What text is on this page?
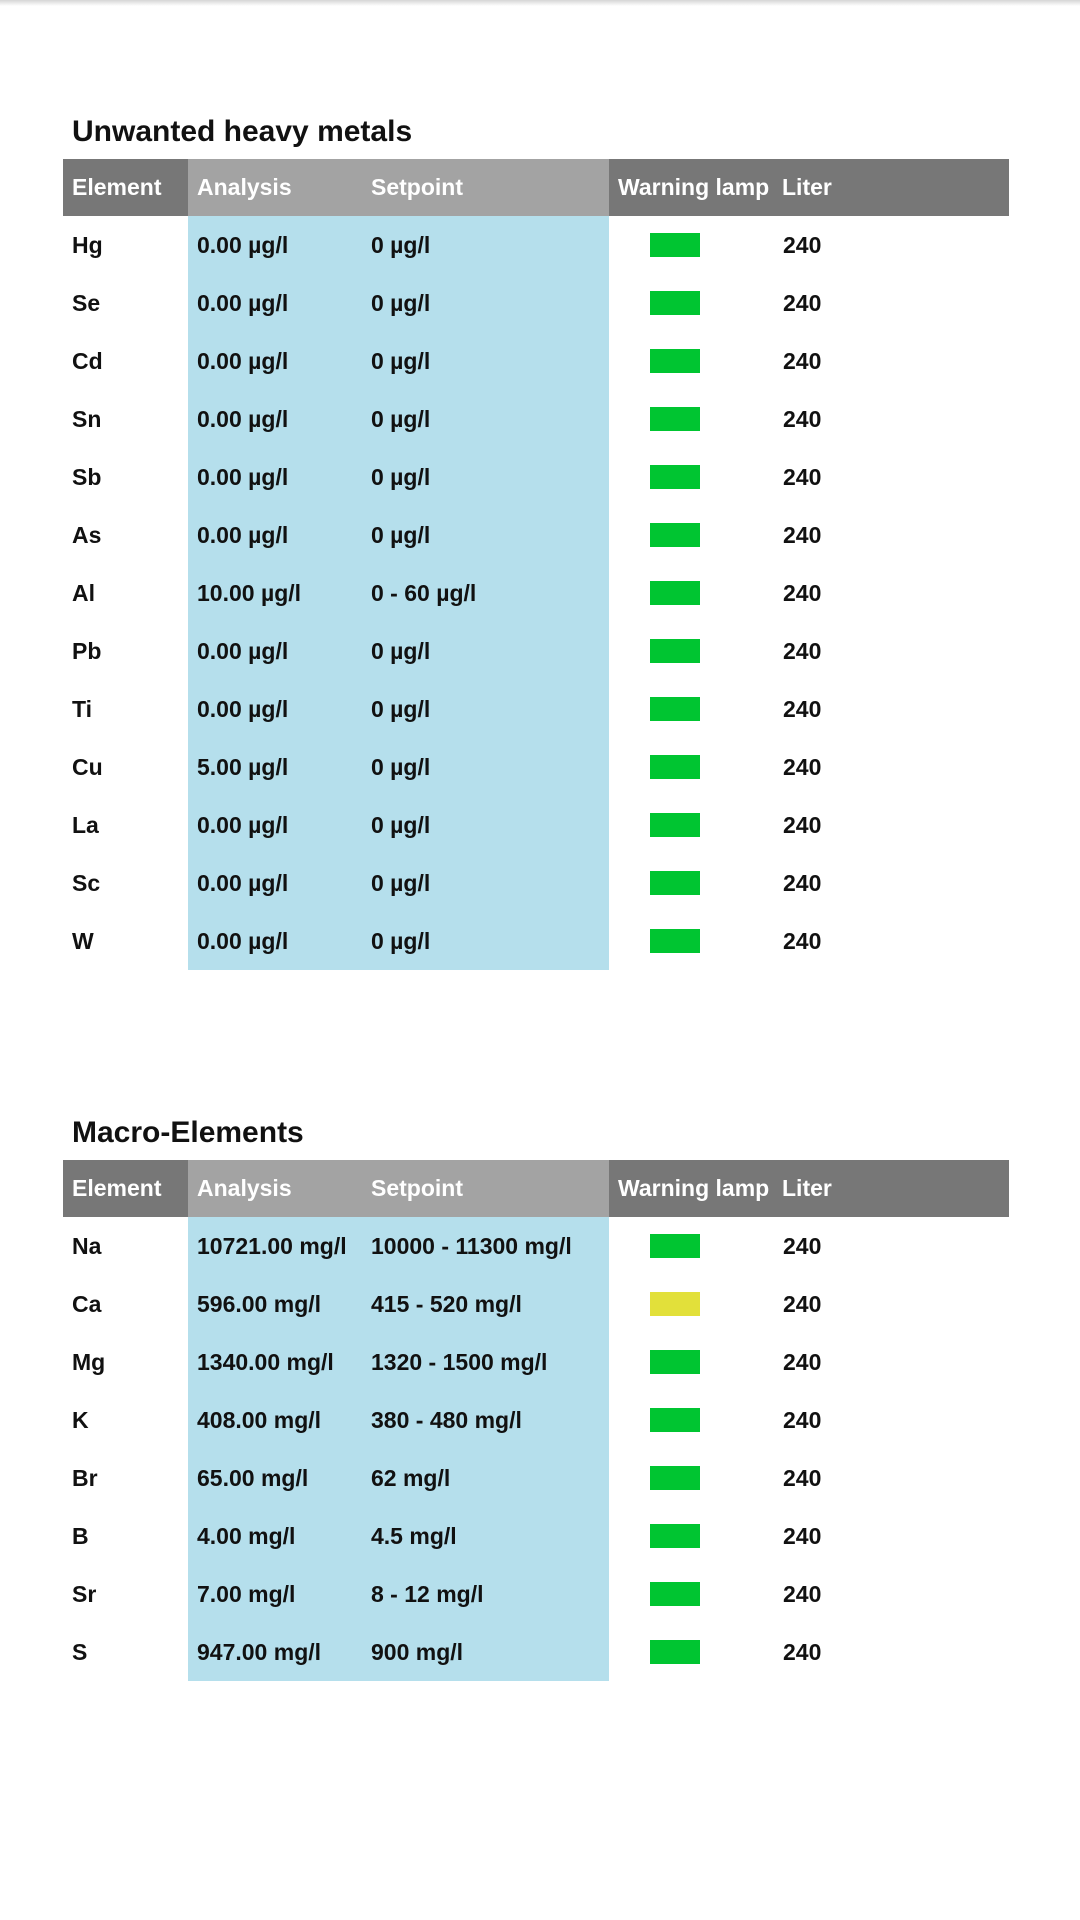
Unwanted heavy metals
Element	Analysis	Setpoint	Warning lamp Liter
Hg	0.00 µg/l	0 µg/l	240
Se	0.00 µg/l	0 µg/l	240
Cd	0.00 µg/l	0 µg/l	240
Sn	0.00 µg/l	0 µg/l	240
Sb	0.00 µg/l	0 µg/l	240
As	0.00 µg/l	0 µg/l	240
Al	10.00 µg/l	0 - 60 µg/l	240
Pb	0.00 µg/l	0 µg/l	240
Ti	0.00 µg/l	0 µg/l	240
Cu	5.00 µg/l	0 µg/l	240
La	0.00 µg/l	0 µg/l	240
Sc	0.00 µg/l	0 µg/l	240
W	0.00 µg/l	0 µg/l	240
Macro-Elements
Element	Analysis	Setpoint	Warning lamp Liter
Na	10721.00 mg/l	10000 - 11300 mg/l	240
Ca	596.00 mg/l	415 - 520 mg/l	240
Mg	1340.00 mg/l	1320 - 1500 mg/l	240
K	408.00 mg/l	380 - 480 mg/l	240
Br	65.00 mg/l	62 mg/l	240
B	4.00 mg/l	4.5 mg/l	240
Sr	7.00 mg/l	8 - 12 mg/l	240
S	947.00 mg/l	900 mg/l	240
